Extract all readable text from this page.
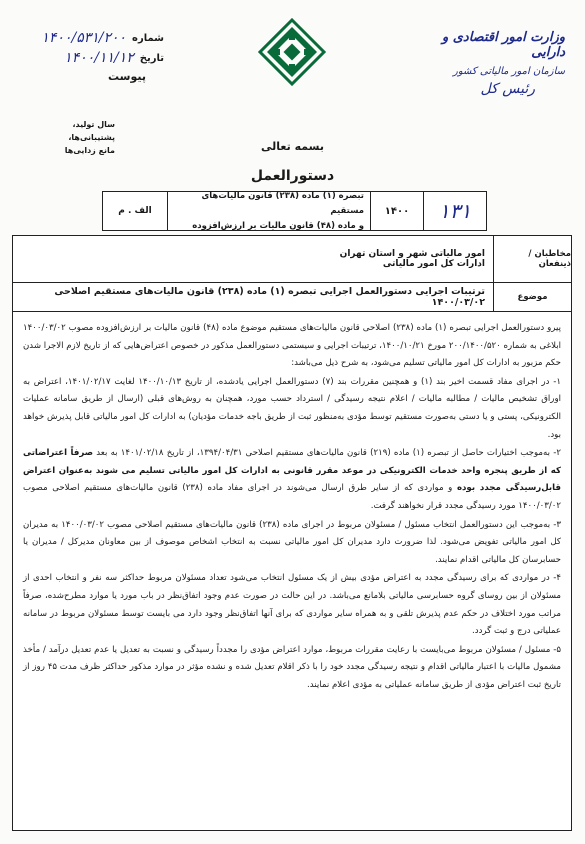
وزارت امور اقتصادی و دارایی
سازمان امور مالیاتی کشور
رئیس کل
شماره
۱۴۰۰/۵۳۱/۲۰۰
تاریخ
۱۴۰۰/۱۱/۱۲
پیوست
سال تولید، پشتیبانی‌ها،
مانع زدایی‌ها	بسمه تعالی
دستورالعمل
۱۳۱
۱۴۰۰
تبصره (۱) ماده (۲۳۸) قانون مالیات‌های مستقیم
و ماده (۴۸) قانون مالیات بر ارزش‌افزوده
الف . م
مخاطبان / ذینفعان
امور مالیاتی شهر و استان تهران
ادارات کل امور مالیاتی
موضوع
ترتیبات اجرایی دستورالعمل اجرایی تبصره (۱) ماده (۲۳۸) قانون مالیات‌های مستقیم اصلاحی ۱۴۰۰/۰۳/۰۲

پیرو دستورالعمل اجرایی تبصره (۱) ماده (۲۳۸) اصلاحی قانون مالیات‌های مستقیم موضوع ماده (۴۸) قانون مالیات بر ارزش‌افزوده مصوب ۱۴۰۰/۰۳/۰۲ ابلاغی به شماره ۲۰۰/۱۴۰۰/۵۲۰ مورخ ۱۴۰۰/۱۰/۲۱، ترتیبات اجرایی و سیستمی دستورالعمل مذکور در خصوص اعتراض‌هایی که از تاریخ لازم الاجرا شدن حکم مزبور به ادارات کل امور مالیاتی تسلیم می‌شود، به شرح ذیل می‌باشد:

۱- در اجرای مفاد قسمت اخیر بند (۱) و همچنین مقررات بند (۷) دستورالعمل اجرایی یادشده، از تاریخ ۱۴۰۰/۱۰/۱۳ لغایت ۱۴۰۱/۰۲/۱۷، اعتراض به اوراق تشخیص مالیات / مطالبه مالیات / اعلام نتیجه رسیدگی / استرداد حسب مورد، همچنان به روش‌های قبلی (ارسال از طریق سامانه عملیات الکترونیکی، پستی و یا دستی به‌صورت مستقیم توسط مؤدی به‌منظور ثبت از طریق باجه خدمات مؤدیان) به ادارات کل امور مالیاتی قابل پذیرش خواهد بود.

۲- به‌موجب اختیارات حاصل از تبصره (۱) ماده (۲۱۹) قانون مالیات‌های مستقیم اصلاحی ۱۳۹۴/۰۴/۳۱، از تاریخ ۱۴۰۱/۰۲/۱۸ به بعد صرفاً اعتراضاتی که از طریق پنجره واحد خدمات الکترونیکی در موعد مقرر قانونی به ادارات کل امور مالیاتی تسلیم می شوند به‌عنوان اعتراض قابل‌رسیدگی مجدد بوده و مواردی که از سایر طرق ارسال می‌شوند در اجرای مفاد ماده (۲۳۸) قانون مالیات‌های مستقیم اصلاحی مصوب ۱۴۰۰/۰۳/۰۲ مورد رسیدگی مجدد قرار نخواهند گرفت.

۳- به‌موجب این دستورالعمل انتخاب مسئول / مسئولان مربوط در اجرای ماده (۲۳۸) قانون مالیات‌های مستقیم اصلاحی مصوب ۱۴۰۰/۰۳/۰۲ به مدیران کل امور مالیاتی تفویض می‌شود. لذا ضرورت دارد مدیران کل امور مالیاتی نسبت به انتخاب اشخاص موصوف از بین معاونان مدیرکل / مدیران یا حسابرسان کل مالیاتی اقدام نمایند.

۴- در مواردی که برای رسیدگی مجدد به اعتراض مؤدی بیش از یک مسئول انتخاب می‌شود تعداد مسئولان مربوط حداکثر سه نفر و انتخاب احدی از مسئولان از بین روسای گروه حسابرسی مالیاتی بلامانع می‌باشد. در این حالت در صورت عدم وجود اتفاق‌نظر در باب مورد یا موارد مطرح‌شده، صرفاً مراتب مورد اختلاف در حکم عدم پذیرش تلقی و به همراه سایر مواردی که برای آنها اتفاق‌نظر وجود دارد می بایست توسط مسئولان مربوط در سامانه عملیاتی درج و ثبت گردد.

۵- مسئول / مسئولان مربوط می‌بایست با رعایت مقررات مربوط، موارد اعتراض مؤدی را مجدداً رسیدگی و نسبت به تعدیل یا عدم تعدیل درآمد / مأخذ مشمول مالیات با اعتبار مالیاتی اقدام و نتیجه رسیدگی مجدد خود را با ذکر اقلام تعدیل شده و نشده مؤثر در موارد مذکور حداکثر ظرف مدت ۴۵ روز از تاریخ ثبت اعتراض مؤدی از طریق سامانه عملیاتی به مؤدی اعلام نمایند.
